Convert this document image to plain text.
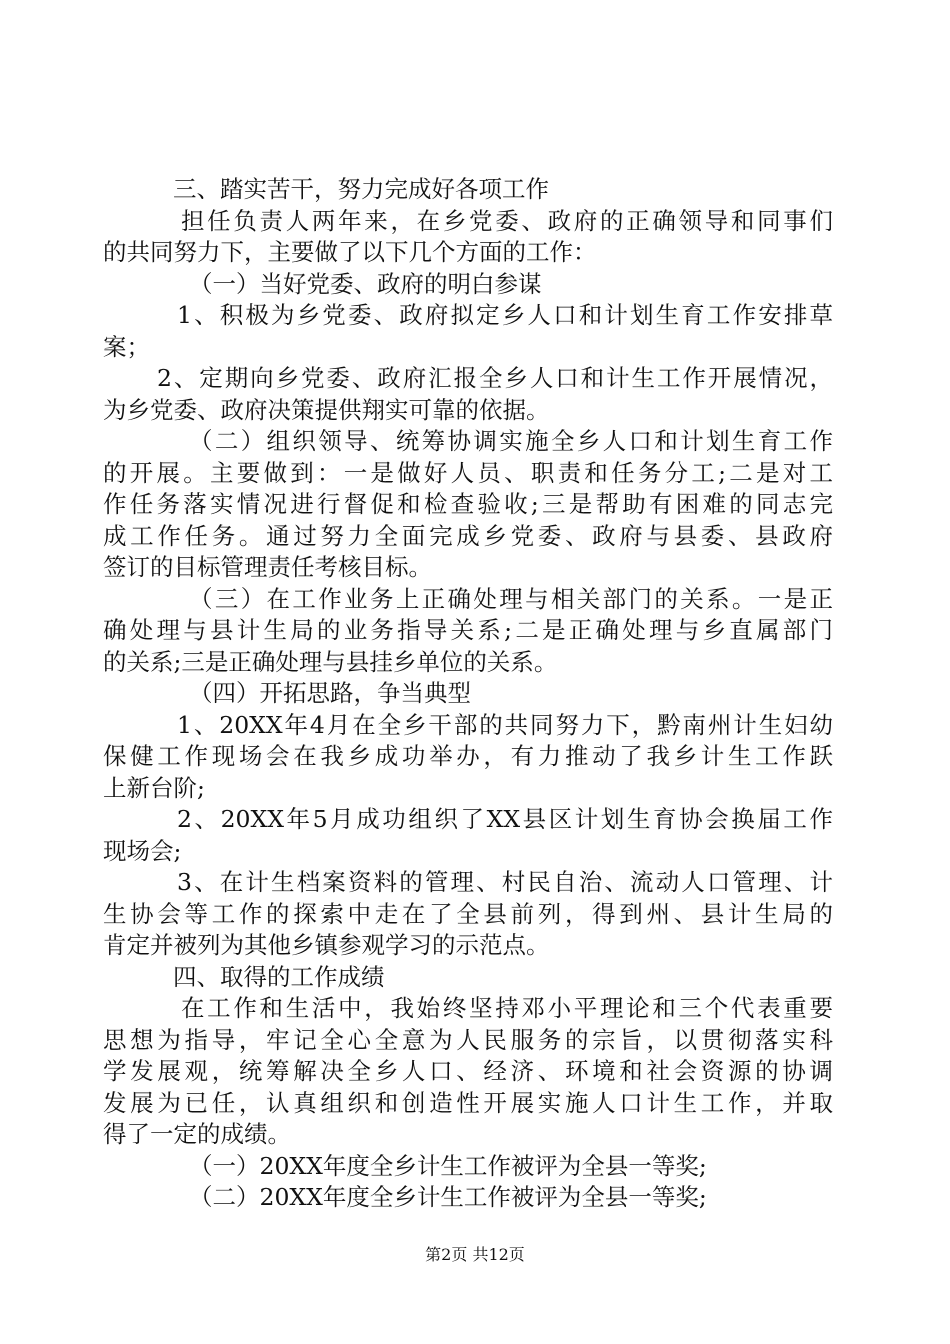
三、踏实苦干，努力完成好各项工作

担任负责人两年来，在乡党委、政府的正确领导和同事们

的共同努力下，主要做了以下几个方面的工作：

（一）当好党委、政府的明白参谋

1、积极为乡党委、政府拟定乡人口和计划生育工作安排草

案；

2、定期向乡党委、政府汇报全乡人口和计生工作开展情况，

为乡党委、政府决策提供翔实可靠的依据。

（二）组织领导、统筹协调实施全乡人口和计划生育工作

的开展。主要做到：一是做好人员、职责和任务分工;二是对工

作任务落实情况进行督促和检查验收;三是帮助有困难的同志完

成工作任务。通过努力全面完成乡党委、政府与县委、县政府

签订的目标管理责任考核目标。

（三）在工作业务上正确处理与相关部门的关系。一是正

确处理与县计生局的业务指导关系;二是正确处理与乡直属部门

的关系;三是正确处理与县挂乡单位的关系。

（四）开拓思路，争当典型

1、20XX年4月在全乡干部的共同努力下，黔南州计生妇幼

保健工作现场会在我乡成功举办，有力推动了我乡计生工作跃

上新台阶;

2、20XX年5月成功组织了XX县区计划生育协会换届工作

现场会;

3、在计生档案资料的管理、村民自治、流动人口管理、计

生协会等工作的探索中走在了全县前列，得到州、县计生局的

肯定并被列为其他乡镇参观学习的示范点。

四、取得的工作成绩

在工作和生活中，我始终坚持邓小平理论和三个代表重要

思想为指导，牢记全心全意为人民服务的宗旨，以贯彻落实科

学发展观，统筹解决全乡人口、经济、环境和社会资源的协调

发展为已任，认真组织和创造性开展实施人口计生工作，并取

得了一定的成绩。

（一）20XX年度全乡计生工作被评为全县一等奖;

（二）20XX年度全乡计生工作被评为全县一等奖;

第2页 共12页
